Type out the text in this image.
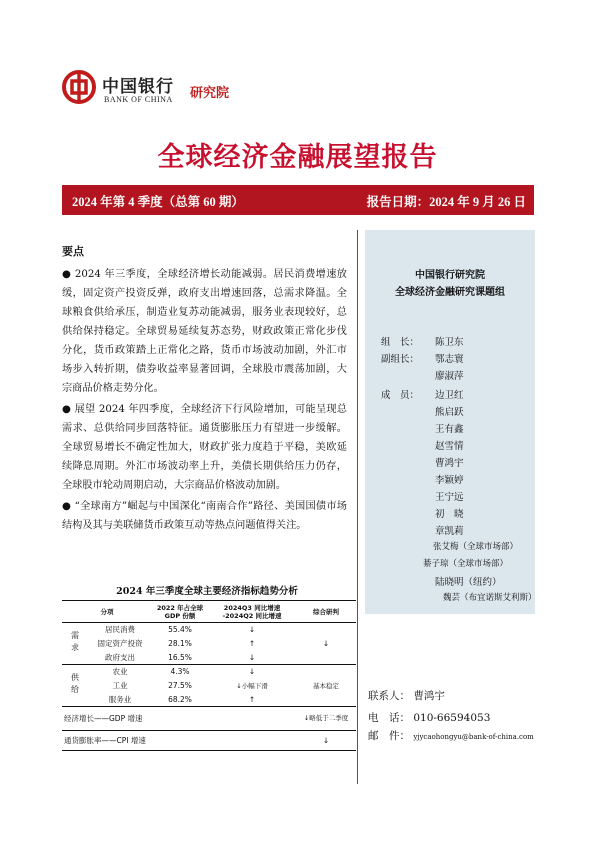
中国银行
BANK OF CHINA 研究院
全球经济金融展望报告
2024 年第 4 季度（总第 60 期）	报告日期：2024 年 9 月 26 日
要点

● 2024 年三季度，全球经济增长动能减弱。居民消费增速放缓，固定资产投资反弹，政府支出增速回落，总需求降温。全球粮食供给承压，制造业复苏动能减弱，服务业表现较好，总供给保持稳定。全球贸易延续复苏态势，财政政策正常化步伐分化，货币政策踏上正常化之路，货币市场波动加剧，外汇市场步入转折期，债券收益率显著回调，全球股市震荡加剧，大宗商品价格走势分化。

● 展望 2024 年四季度，全球经济下行风险增加，可能呈现总需求、总供给同步回落特征。通货膨胀压力有望进一步缓解。全球贸易增长不确定性加大，财政扩张力度趋于平稳，美欧延续降息周期。外汇市场波动率上升，美债长期供给压力仍存，全球股市轮动周期启动，大宗商品价格波动加剧。

● “全球南方”崛起与中国深化“南南合作”路径、美国国债市场结构及其与美联储货币政策互动等热点问题值得关注。

2024 年三季度全球主要经济指标趋势分析
分项		2022 年占全球 GDP 份额	2024Q3 同比增速 -2024Q2 同比增速	综合研判
需求	居民消费	55.4%	↓	↓
	固定资产投资	28.1%	↑	
	政府支出	16.5%	↓	
供给	农业	4.3%	↓	基本稳定
	工业	27.5%	↓小幅下滑	
	服务业	68.2%	↑	
经济增长——GDP 增速				↓略低于二季度
通货膨胀率——CPI 增速				↓
中国银行研究院
全球经济金融研究课题组
组　长： 陈卫东
副组长： 鄂志寰
廖淑萍
成　员： 边卫红
熊启跃
王有鑫
赵雪情
曹鸿宇
李颖婷
王宁远
初　晓
章凯莉
张艾梅（全球市场部）
綦子琼（全球市场部）
陆晓明（纽约）
魏芸（布宜诺斯艾利斯）
联系人： 曹鸿宇
电　话： 010-66594053
邮　件： yjycaohongyu@bank-of-china.com
